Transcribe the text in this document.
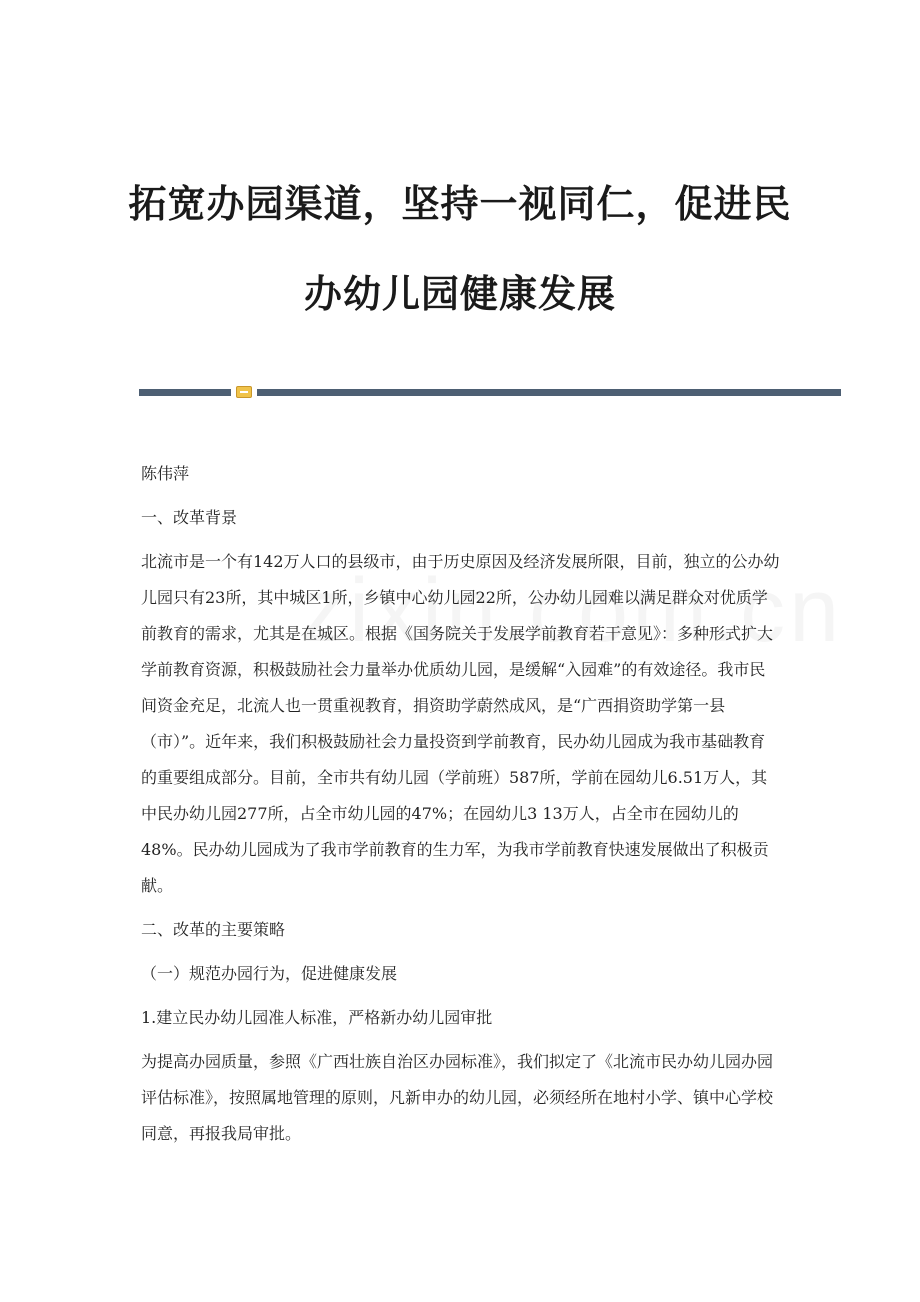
拓宽办园渠道，坚持一视同仁，促进民
办幼儿园健康发展

陈伟萍

一、改革背景

北流市是一个有142万人口的县级市，由于历史原因及经济发展所限，目前，独立的公办幼儿园只有23所，其中城区1所，乡镇中心幼儿园22所，公办幼儿园难以满足群众对优质学前教育的需求，尤其是在城区。根据《国务院关于发展学前教育若干意见》：多种形式扩大学前教育资源，积极鼓励社会力量举办优质幼儿园，是缓解“入园难”的有效途径。我市民间资金充足，北流人也一贯重视教育，捐资助学蔚然成风，是“广西捐资助学第一县（市）”。近年来，我们积极鼓励社会力量投资到学前教育，民办幼儿园成为我市基础教育的重要组成部分。目前，全市共有幼儿园（学前班）587所，学前在园幼儿6.51万人，其中民办幼儿园277所，占全市幼儿园的47%；在园幼儿3 13万人，占全市在园幼儿的48%。民办幼儿园成为了我市学前教育的生力军，为我市学前教育快速发展做出了积极贡献。

二、改革的主要策略

（一）规范办园行为，促进健康发展

1.建立民办幼儿园准人标准，严格新办幼儿园审批

为提高办园质量，参照《广西壮族自治区办园标准》，我们拟定了《北流市民办幼儿园办园评估标准》，按照属地管理的原则，凡新申办的幼儿园，必须经所在地村小学、镇中心学校同意，再报我局审批。
